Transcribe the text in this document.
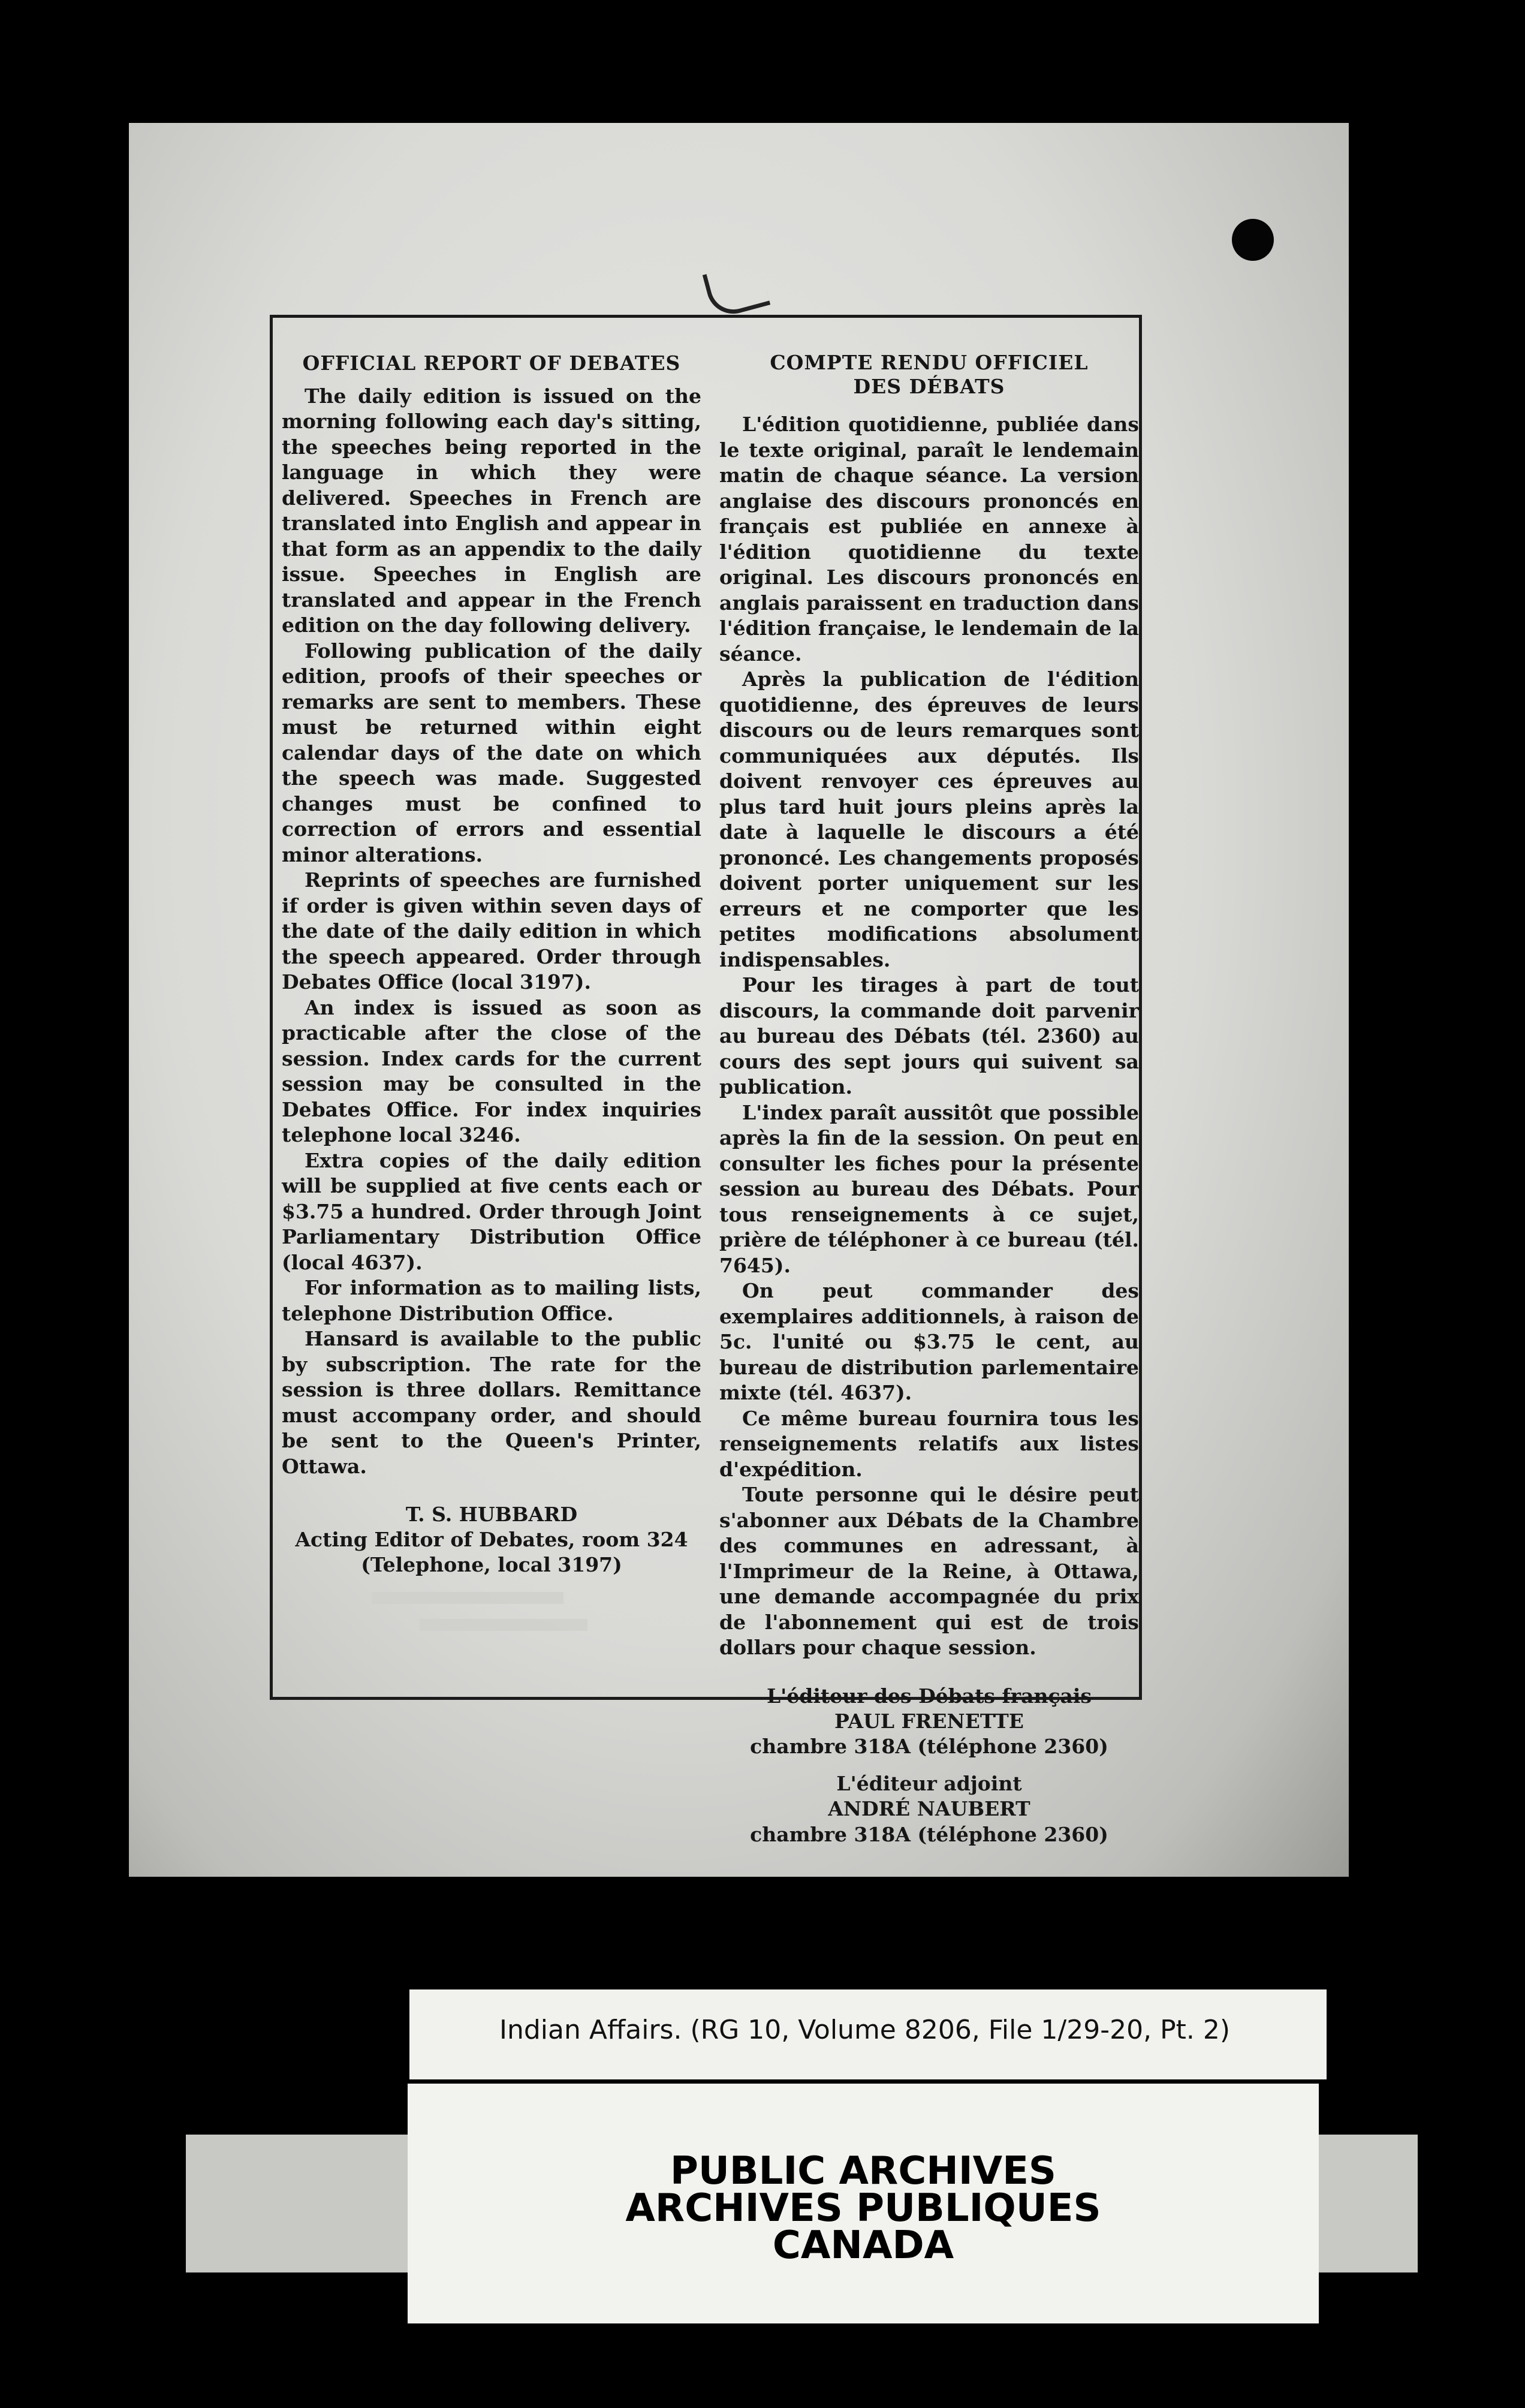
OFFICIAL REPORT OF DEBATES

The daily edition is issued on the morning following each day's sitting, the speeches being reported in the language in which they were delivered. Speeches in French are translated into English and appear in that form as an appendix to the daily issue. Speeches in English are translated and appear in the French edition on the day following delivery.

Following publication of the daily edition, proofs of their speeches or remarks are sent to members. These must be returned within eight calendar days of the date on which the speech was made. Suggested changes must be confined to correction of errors and essential minor alterations.

Reprints of speeches are furnished if order is given within seven days of the date of the daily edition in which the speech appeared. Order through Debates Office (local 3197).

An index is issued as soon as practicable after the close of the session. Index cards for the current session may be consulted in the Debates Office. For index inquiries telephone local 3246.

Extra copies of the daily edition will be supplied at five cents each or $3.75 a hundred. Order through Joint Parliamentary Distribution Office (local 4637).

For information as to mailing lists, telephone Distribution Office.

Hansard is available to the public by subscription. The rate for the session is three dollars. Remittance must accompany order, and should be sent to the Queen's Printer, Ottawa.

T. S. HUBBARD
Acting Editor of Debates, room 324
(Telephone, local 3197)
COMPTE RENDU OFFICIEL
DES DÉBATS

L'édition quotidienne, publiée dans le texte original, paraît le lendemain matin de chaque séance. La version anglaise des discours prononcés en français est publiée en annexe à l'édition quotidienne du texte original. Les discours prononcés en anglais paraissent en traduction dans l'édition française, le lendemain de la séance.

Après la publication de l'édition quotidienne, des épreuves de leurs discours ou de leurs remarques sont communiquées aux députés. Ils doivent renvoyer ces épreuves au plus tard huit jours pleins après la date à laquelle le discours a été prononcé. Les changements proposés doivent porter uniquement sur les erreurs et ne comporter que les petites modifications absolument indispensables.

Pour les tirages à part de tout discours, la commande doit parvenir au bureau des Débats (tél. 2360) au cours des sept jours qui suivent sa publication.

L'index paraît aussitôt que possible après la fin de la session. On peut en consulter les fiches pour la présente session au bureau des Débats. Pour tous renseignements à ce sujet, prière de téléphoner à ce bureau (tél. 7645).

On peut commander des exemplaires additionnels, à raison de 5c. l'unité ou $3.75 le cent, au bureau de distribution parlementaire mixte (tél. 4637).

Ce même bureau fournira tous les renseignements relatifs aux listes d'expédition.

Toute personne qui le désire peut s'abonner aux Débats de la Chambre des communes en adressant, à l'Imprimeur de la Reine, à Ottawa, une demande accompagnée du prix de l'abonnement qui est de trois dollars pour chaque session.

L'éditeur des Débats français
PAUL FRENETTE
chambre 318A (téléphone 2360)
L'éditeur adjoint
ANDRÉ NAUBERT
chambre 318A (téléphone 2360)
Indian Affairs. (RG 10, Volume 8206, File 1/29-20, Pt. 2)
PUBLIC ARCHIVES
ARCHIVES PUBLIQUES
CANADA
